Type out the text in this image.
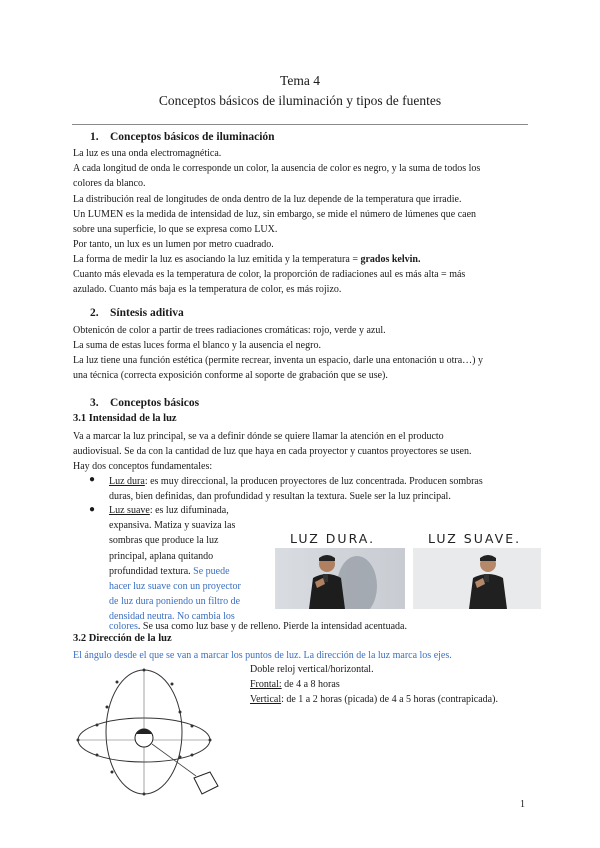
Tema 4
Conceptos básicos de iluminación y tipos de fuentes
1. Conceptos básicos de iluminación
La luz es una onda electromagnética.
A cada longitud de onda le corresponde un color, la ausencia de color es negro, y la suma de todos los
colores da blanco.
La distribución real de longitudes de onda dentro de la luz depende de la temperatura que irradie.
Un LUMEN es la medida de intensidad de luz, sin embargo, se mide el número de lúmenes que caen
sobre una superficie, lo que se expresa como LUX.
Por tanto, un lux es un lumen por metro cuadrado.
La forma de medir la luz es asociando la luz emitida y la temperatura = grados kelvin.
Cuanto más elevada es la temperatura de color, la proporción de radiaciones aul es más alta = más
azulado. Cuanto más baja es la temperatura de color, es más rojizo.
2. Síntesis aditiva
Obtenicón de color a partir de trees radiaciones cromáticas: rojo, verde y azul.
La suma de estas luces forma el blanco y la ausencia el negro.
La luz tiene una función estética (permite recrear, inventa un espacio, darle una entonación u otra…) y
una técnica (correcta exposición conforme al soporte de grabación que se use).
3. Conceptos básicos
3.1 Intensidad de la luz
Va a marcar la luz principal, se va a definir dónde se quiere llamar la atención en el producto
audiovisual. Se da con la cantidad de luz que haya en cada proyector y cuantos proyectores se usen.
Hay dos conceptos fundamentales:
● Luz dura: es muy direccional, la producen proyectores de luz concentrada. Producen sombras
duras, bien definidas, dan profundidad y resultan la textura. Suele ser la luz principal.
● Luz suave: es luz difuminada,
expansiva. Matiza y suaviza las
sombras que produce la luz
principal, aplana quitando
profundidad textura. Se puede
hacer luz suave con un proyector
de luz dura poniendo un filtro de
densidad neutra. No cambia los
colores. Se usa como luz base y de relleno. Pierde la intensidad acentuada.
LUZ DURA.	LUZ SUAVE.
3.2 Dirección de la luz
El ángulo desde el que se van a marcar los puntos de luz. La dirección de la luz marca los ejes.
Doble reloj vertical/horizontal.
Frontal: de 4 a 8 horas
Vertical: de 1 a 2 horas (picada) de 4 a 5 horas (contrapicada).
1
